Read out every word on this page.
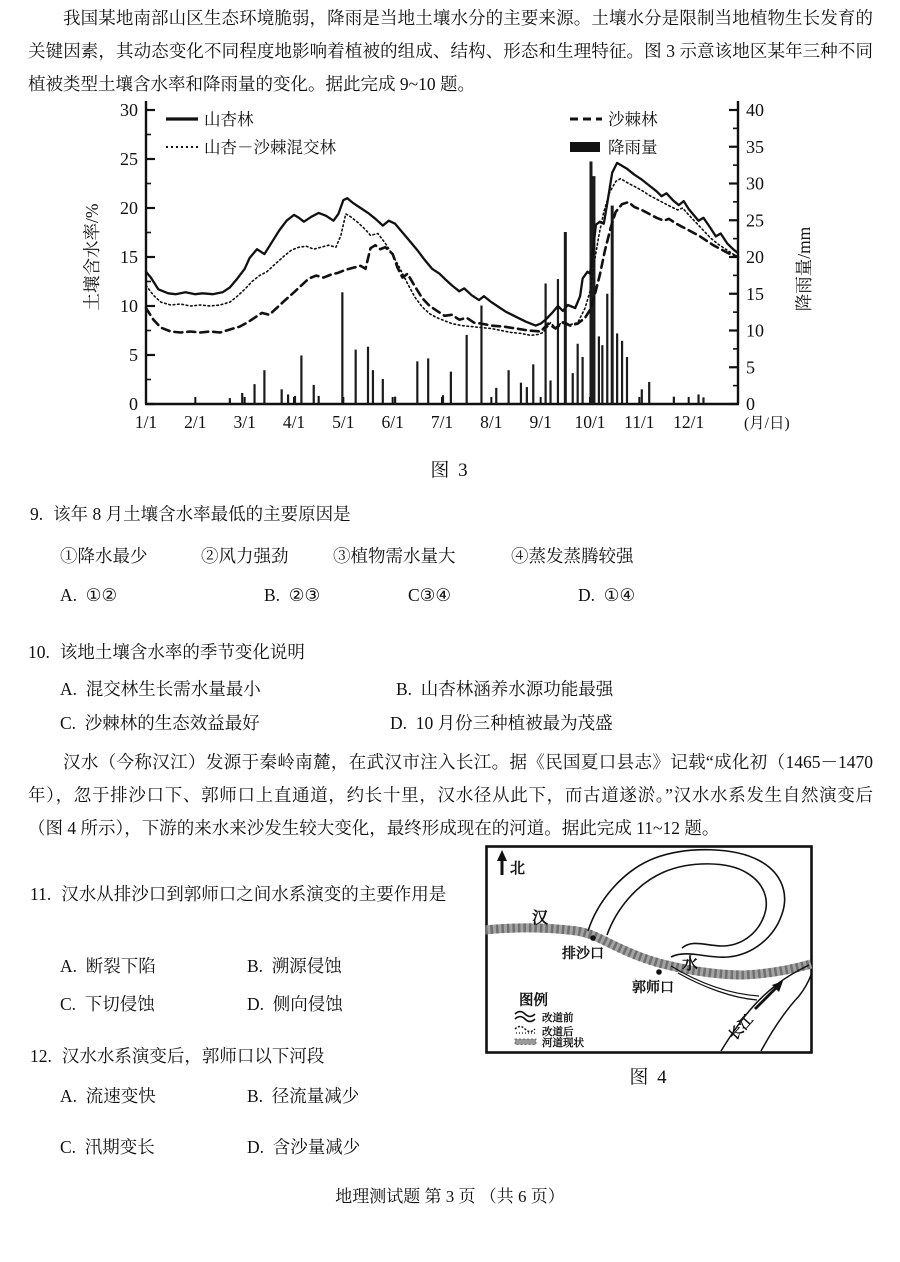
我国某地南部山区生态环境脆弱，降雨是当地土壤水分的主要来源。土壤水分是限制当地植物生长发育的关键因素，其动态变化不同程度地影响着植被的组成、结构、形态和生理特征。图 3 示意该地区某年三种不同植被类型土壤含水率和降雨量的变化。据此完成 9~10 题。
0
5
10
15
20
25
30
0
5
10
15
20
25
30
35
40
1/1 2/1 3/1 4/1 5/1 6/1 7/1 8/1 9/1 10/1 11/1 12/1	(月/日)
土壤含水率/%	降雨量/mm
山杏林
山杏－沙棘混交林
沙棘林
降雨量
图 3
9. 该年 8 月土壤含水率最低的主要原因是
①降水最少	②风力强劲	③植物需水量大	④蒸发蒸腾较强
A.  ①②	B.  ②③	C③④	D.  ①④
10. 该地土壤含水率的季节变化说明
A.  混交林生长需水量最小	B.  山杏林涵养水源功能最强
C.  沙棘林的生态效益最好	D.  10 月份三种植被最为茂盛
汉水（今称汉江）发源于秦岭南麓，在武汉市注入长江。据《民国夏口县志》记载“成化初（1465－1470 年），忽于排沙口下、郭师口上直通道，约长十里，汉水径从此下，而古道遂淤。”汉水水系发生自然演变后（图 4 所示），下游的来水来沙发生较大变化，最终形成现在的河道。据此完成 11~12 题。
北
汉
水
排沙口
郭师口
长江
图例
改道前
改道后
河道现状
图 4
11. 汉水从排沙口到郭师口之间水系演变的主要作用是
A.  断裂下陷	B.  溯源侵蚀
C.  下切侵蚀	D.  侧向侵蚀
12. 汉水水系演变后，郭师口以下河段
A.  流速变快	B.  径流量减少
C.  汛期变长	D.  含沙量减少
地理测试题 第 3 页 （共 6 页）
